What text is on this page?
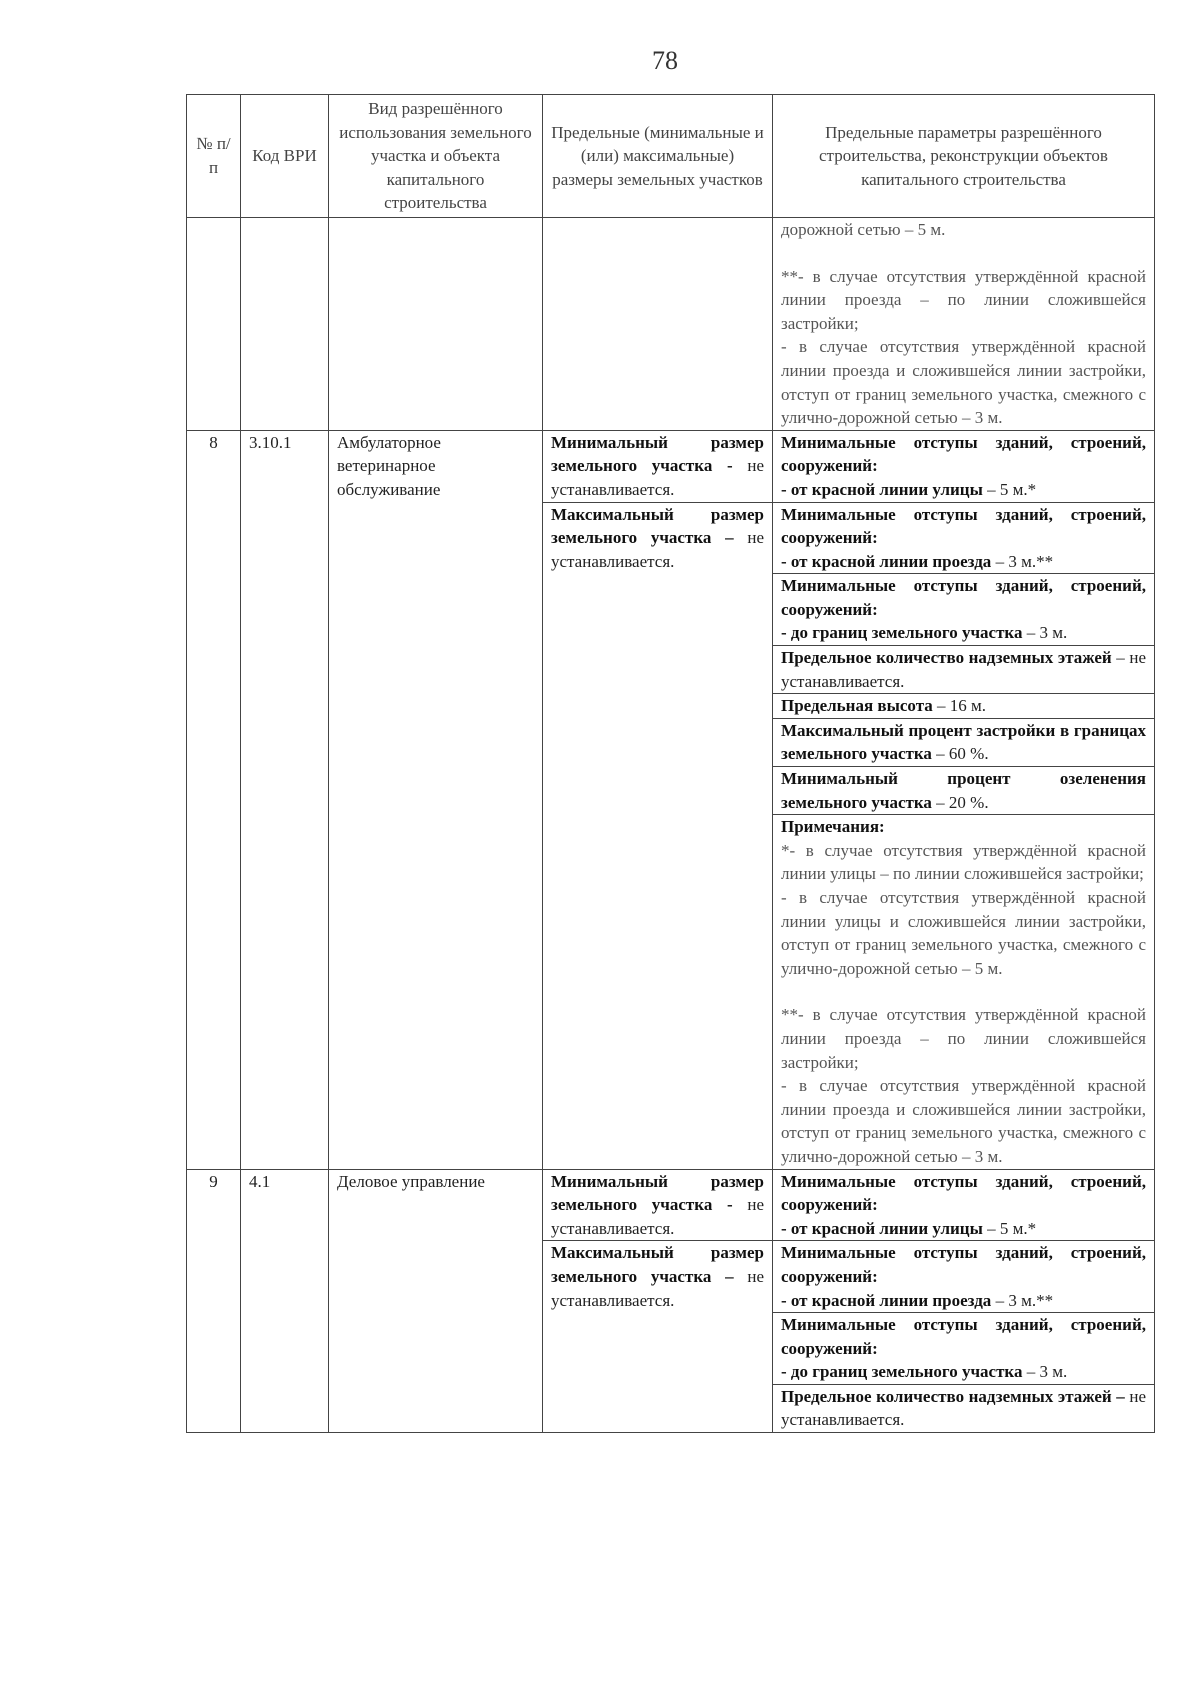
78
№ п/п	Код ВРИ	Вид разрешённого использования земельного участка и объекта капитального строительства	Предельные (минимальные и (или) максимальные) размеры земельных участков	Предельные параметры разрешённого строительства, реконструкции объектов капитального строительства

				дорожной сетью – 5 м.

**- в случае отсутствия утверждённой красной линии проезда – по линии сложившейся застройки;

- в случае отсутствия утверждённой красной линии проезда и сложившейся линии застройки, отступ от границ земельного участка, смежного с улично-дорожной сетью – 3 м.

8	3.10.1	Амбулаторное ветеринарное обслуживание	Минимальный размер земельного участка - не устанавливается.	Минимальные отступы зданий, строений, сооружений:
- от красной линии улицы – 5 м.*
			Максимальный размер земельного участка – не устанавливается.	Минимальные отступы зданий, строений, сооружений:
- от красной линии проезда – 3 м.**
				Минимальные отступы зданий, строений, сооружений:
- до границ земельного участка – 3 м.
				Предельное количество надземных этажей – не устанавливается.
				Предельная высота – 16 м.
				Максимальный процент застройки в границах земельного участка – 60 %.
				Минимальный процент озеленения земельного участка – 20 %.

				Примечания:

*- в случае отсутствия утверждённой красной линии улицы – по линии сложившейся застройки;

- в случае отсутствия утверждённой красной линии улицы и сложившейся линии застройки, отступ от границ земельного участка, смежного с улично-дорожной сетью – 5 м.

**- в случае отсутствия утверждённой красной линии проезда – по линии сложившейся застройки;

- в случае отсутствия утверждённой красной линии проезда и сложившейся линии застройки, отступ от границ земельного участка, смежного с улично-дорожной сетью – 3 м.

9	4.1	Деловое управление	Минимальный размер земельного участка - не устанавливается.	Минимальные отступы зданий, строений, сооружений:
- от красной линии улицы – 5 м.*
			Максимальный размер земельного участка – не устанавливается.	Минимальные отступы зданий, строений, сооружений:
- от красной линии проезда – 3 м.**
				Минимальные отступы зданий, строений, сооружений:
- до границ земельного участка – 3 м.
				Предельное количество надземных этажей – не устанавливается.
